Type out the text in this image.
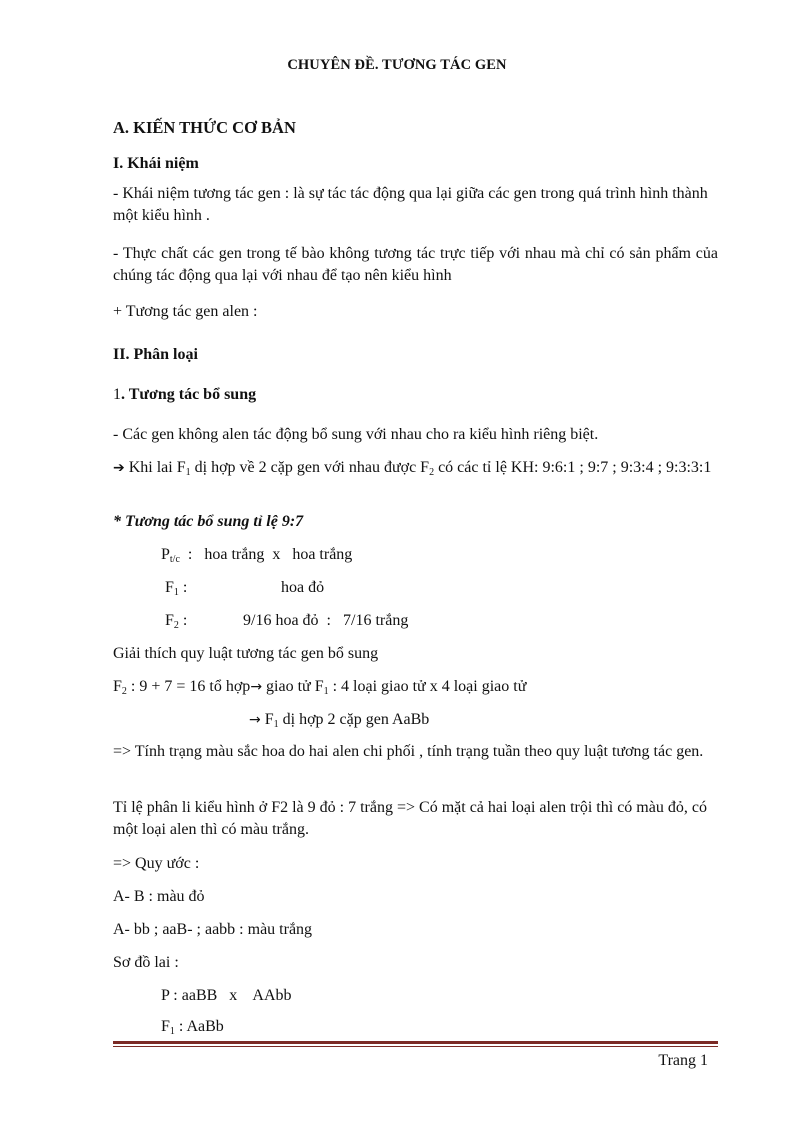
CHUYÊN ĐỀ. TƯƠNG TÁC GEN
A. KIẾN THỨC CƠ BẢN
I. Khái niệm
- Khái niệm tương tác gen : là sự tác tác động qua lại giữa các gen trong quá trình hình thành một kiểu hình .
- Thực chất các gen trong tế bào không tương tác trực tiếp với nhau mà chỉ có sản phẩm của chúng tác động qua lại với nhau để tạo nên kiểu hình
+ Tương tác gen alen :
II. Phân loại
1. Tương tác bổ sung
- Các gen không alen tác động bổ sung với nhau cho ra kiểu hình riêng biệt.
➔ Khi lai $F_1$ dị hợp về 2 cặp gen với nhau được $F_2$ có các tỉ lệ KH: 9:6:1 ; 9:7 ; 9:3:4 ; 9:3:3:1
* Tương tác bổ sung tỉ lệ 9:7
$P_{t/c}$  :   hoa trắng  x   hoa trắng
$F_1$ :	hoa đỏ
$F_2$ :	9/16 hoa đỏ  :   7/16 trắng
Giải thích quy luật tương tác gen bổ sung
$F_2$ : 9 + 7 = 16 tổ hợp→ giao tử $F_1$ : 4 loại giao tử x 4 loại giao tử
→ $F_1$ dị hợp 2 cặp gen AaBb
=> Tính trạng màu sắc hoa do hai alen chi phối , tính trạng tuần theo quy luật tương tác gen.
Tỉ lệ phân li kiểu hình ở F2 là 9 đỏ : 7 trắng => Có mặt cả hai loại alen trội thì có màu đỏ, có một loại alen thì có màu trắng.
=> Quy ước :
A- B : màu đỏ
A- bb ; aaB- ; aabb : màu trắng
Sơ đồ lai :
P : aaBB   x    AAbb
$F_1$ : AaBb
Trang 1
